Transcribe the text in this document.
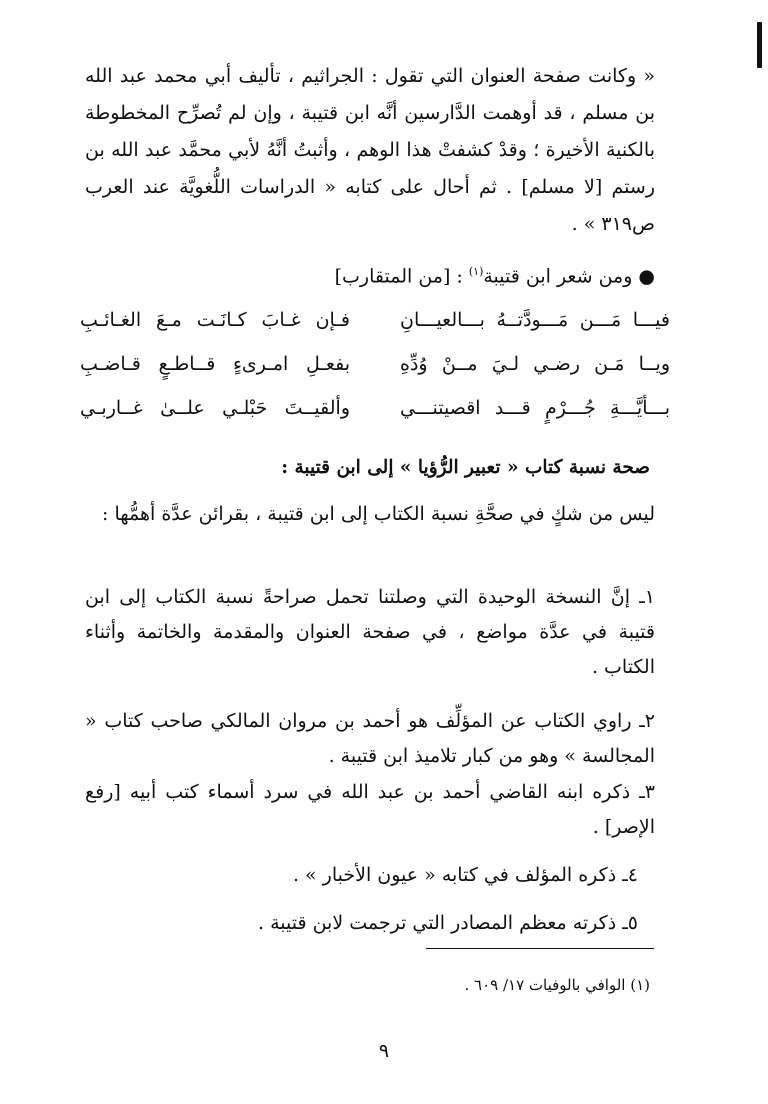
« وكانت صفحة العنوان التي تقول : الجراثيم ، تأليف أبي محمد عبد الله بن مسلم ، قد أوهمت الدَّارسين أنَّه ابن قتيبة ، وإن لم تُصرِّح المخطوطة بالكنية الأخيرة ؛ وقدْ كشفتْ هذا الوهم ، وأثبتُ أنَّهُ لأبي محمَّد عبد الله بن رستم [لا مسلم] . ثم أحال على كتابه « الدراسات اللُّغويَّة عند العرب ص٣١٩ » .

● ومن شعر ابن قتيبة$^{(١)}$ : [من المتقارب]

فيـــا مَـــن مَـــودَّتــهُ بـــالعيـــانِ
فـإن غـابَ كـانَـت مـعَ الغـائـبِ
ويــا مَـن رضـي لـيَ مــنْ وُدِّهِ
بفعـلِ امـرىءٍ قــاطـعٍ قـاضـبِ
بـــأيَّـــةِ جُـــرْمٍ قـــد اقصيتنـــي
وألقيــتَ حَبْلـي علــىٰ غــاربـي
صحة نسبة كتاب « تعبير الرُّؤيا » إلى ابن قتيبة :

ليس من شكٍ في صحَّةِ نسبة الكتاب إلى ابن قتيبة ، بقرائن عدَّة أهمُّها :

١ـ إنَّ النسخة الوحيدة التي وصلتنا تحمل صراحةً نسبة الكتاب إلى ابن قتيبة في عدَّة مواضع ، في صفحة العنوان والمقدمة والخاتمة وأثناء الكتاب .

٢ـ راوي الكتاب عن المؤلِّف هو أحمد بن مروان المالكي صاحب كتاب « المجالسة » وهو من كبار تلاميذ ابن قتيبة .

٣ـ ذكره ابنه القاضي أحمد بن عبد الله في سرد أسماء كتب أبيه [رفع الإصر] .

٤ـ ذكره المؤلف في كتابه « عيون الأخبار » .

٥ـ ذكرته معظم المصادر التي ترجمت لابن قتيبة .

(١) الوافي بالوفيات ١٧/ ٦٠٩ .

٩
